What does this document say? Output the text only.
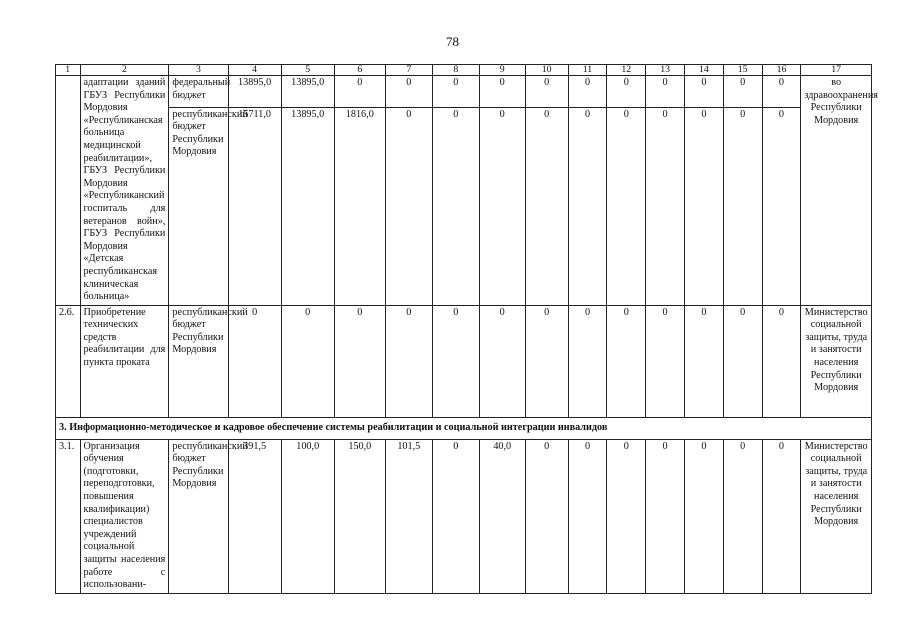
78
1	2	3	4	5	6	7	8	9	10	11	12	13	14	15	16	17
	адаптации зданий ГБУЗ Республики Мордовия «Республиканская больница медицинской реабилитации», ГБУЗ Республики Мордовия «Республиканский госпиталь для ветеранов войн», ГБУЗ Республики Мордовия «Детская республиканская клиническая больница»	федеральный бюджет	13895,0	13895,0	0	0	0	0	0	0	0	0	0	0	0	во здравоохранения Республики Мордовия
		республиканский бюджет Республики Мордовия	15711,0	13895,0	1816,0	0	0	0	0	0	0	0	0	0	0	
2.6.	Приобретение технических средств реабилитации для пункта проката	республиканский бюджет Республики Мордовия	0	0	0	0	0	0	0	0	0	0	0	0	0	Министерство социальной защиты, труда и занятости населения Республики Мордовия
3. Информационно-методическое и кадровое обеспечение системы реабилитации и социальной интеграции инвалидов																
3.1.	Организация обучения (подготовки, переподготовки, повышения квалификации) специалистов учреждений социальной защиты населения работе с использовани-	республиканский бюджет Республики Мордовия	391,5	100,0	150,0	101,5	0	40,0	0	0	0	0	0	0	0	Министерство социальной защиты, труда и занятости населения Республики Мордовия
